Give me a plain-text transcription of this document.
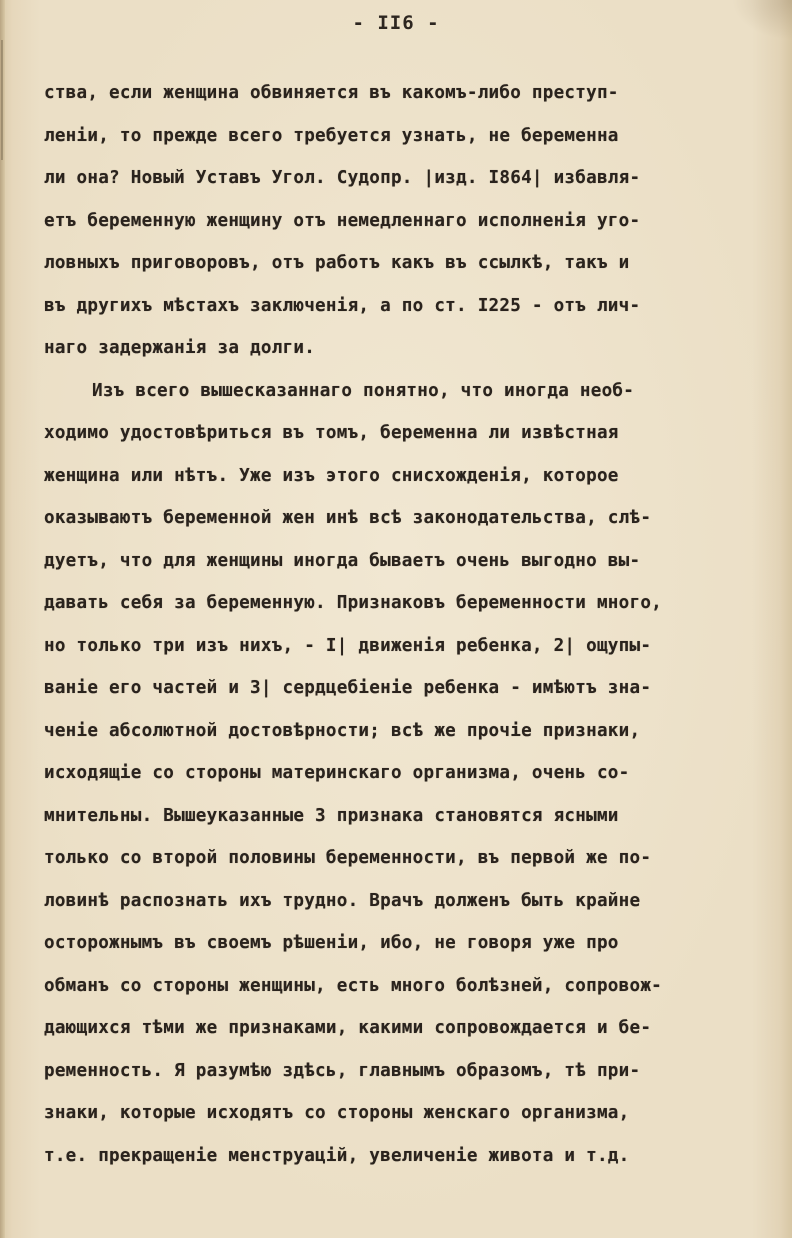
- II6 -
ства, если женщина обвиняется въ какомъ-либо преступ-
ленiи, то прежде всего требуется узнать, не беременна
ли она? Новый Уставъ Угол. Судопр. |изд. I864| избавля-
етъ беременную женщину отъ немедленнаго исполненiя уго-
ловныхъ приговоровъ, отъ работъ какъ въ ссылкѣ, такъ и
въ другихъ мѣстахъ заключенiя, а по ст. I225 - отъ лич-
наго задержанiя за долги.
Изъ всего вышесказаннаго понятно, что иногда необ-
ходимо удостовѣриться въ томъ, беременна ли извѣстная
женщина или нѣтъ. Уже изъ этого снисхожденiя, которое
оказываютъ беременной жен инѣ всѣ законодательства, слѣ-
дуетъ, что для женщины иногда бываетъ очень выгодно вы-
давать себя за беременную. Признаковъ беременности много,
но только три изъ нихъ, - I| движенiя ребенка, 2| ощупы-
ванiе его частей и 3| сердцебiенiе ребенка - имѣютъ зна-
ченiе абсолютной достовѣрности; всѣ же прочiе признаки,
исходящiе со стороны материнскаго организма, очень со-
мнительны. Вышеуказанные 3 признака становятся ясными
только со второй половины беременности, въ первой же по-
ловинѣ распознать ихъ трудно. Врачъ долженъ быть крайне
осторожнымъ въ своемъ рѣшенiи, ибо, не говоря уже про
обманъ со стороны женщины, есть много болѣзней, сопровож-
дающихся тѣми же признаками, какими сопровождается и бе-
ременность. Я разумѣю здѣсь, главнымъ образомъ, тѣ при-
знаки, которые исходятъ со стороны женскаго организма,
т.е. прекращенiе менструацiй, увеличенiе живота и т.д.
